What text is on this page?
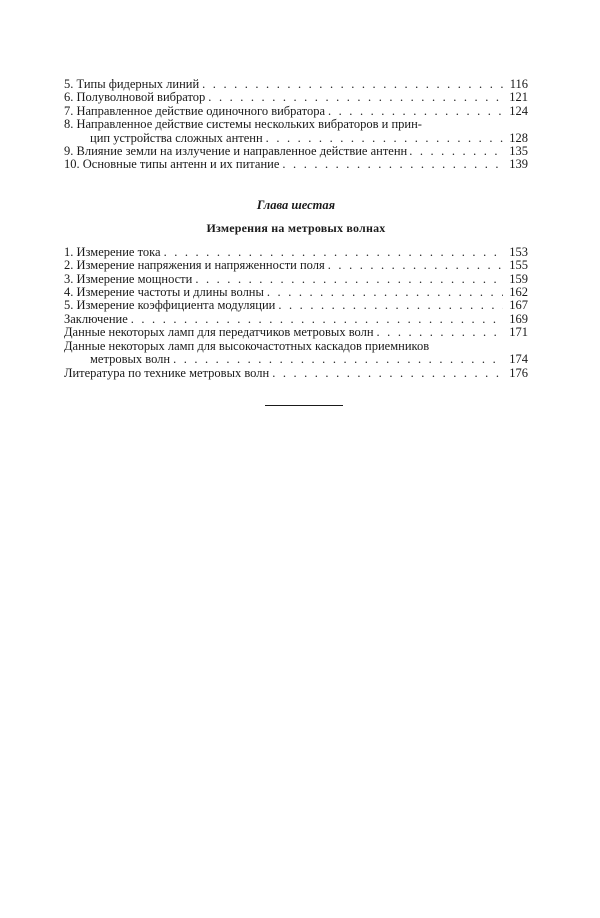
5. Типы фидерных линий . . .	116
6. Полуволновой вибратор . . .	121
7. Направленное действие одиночного вибратора . . .	124
8. Направленное действие системы нескольких вибраторов и прин-
цип устройства сложных антенн . . .	128
9. Влияние земли на излучение и направленное действие антенн . . .	135
10. Основные типы антенн и их питание . . .	139
Глава шестая
Измерения на метровых волнах
1. Измерение тока . . .	153
2. Измерение напряжения и напряженности поля . . .	155
3. Измерение мощности . . .	159
4. Измерение частоты и длины волны . . .	162
5. Измерение коэффициента модуляции . . .	167
Заключение . . .	169
Данные некоторых ламп для передатчиков метровых волн . . .	171
Данные некоторых ламп для высокочастотных каскадов приемников
метровых волн . . .	174
Литература по технике метровых волн . . .	176
